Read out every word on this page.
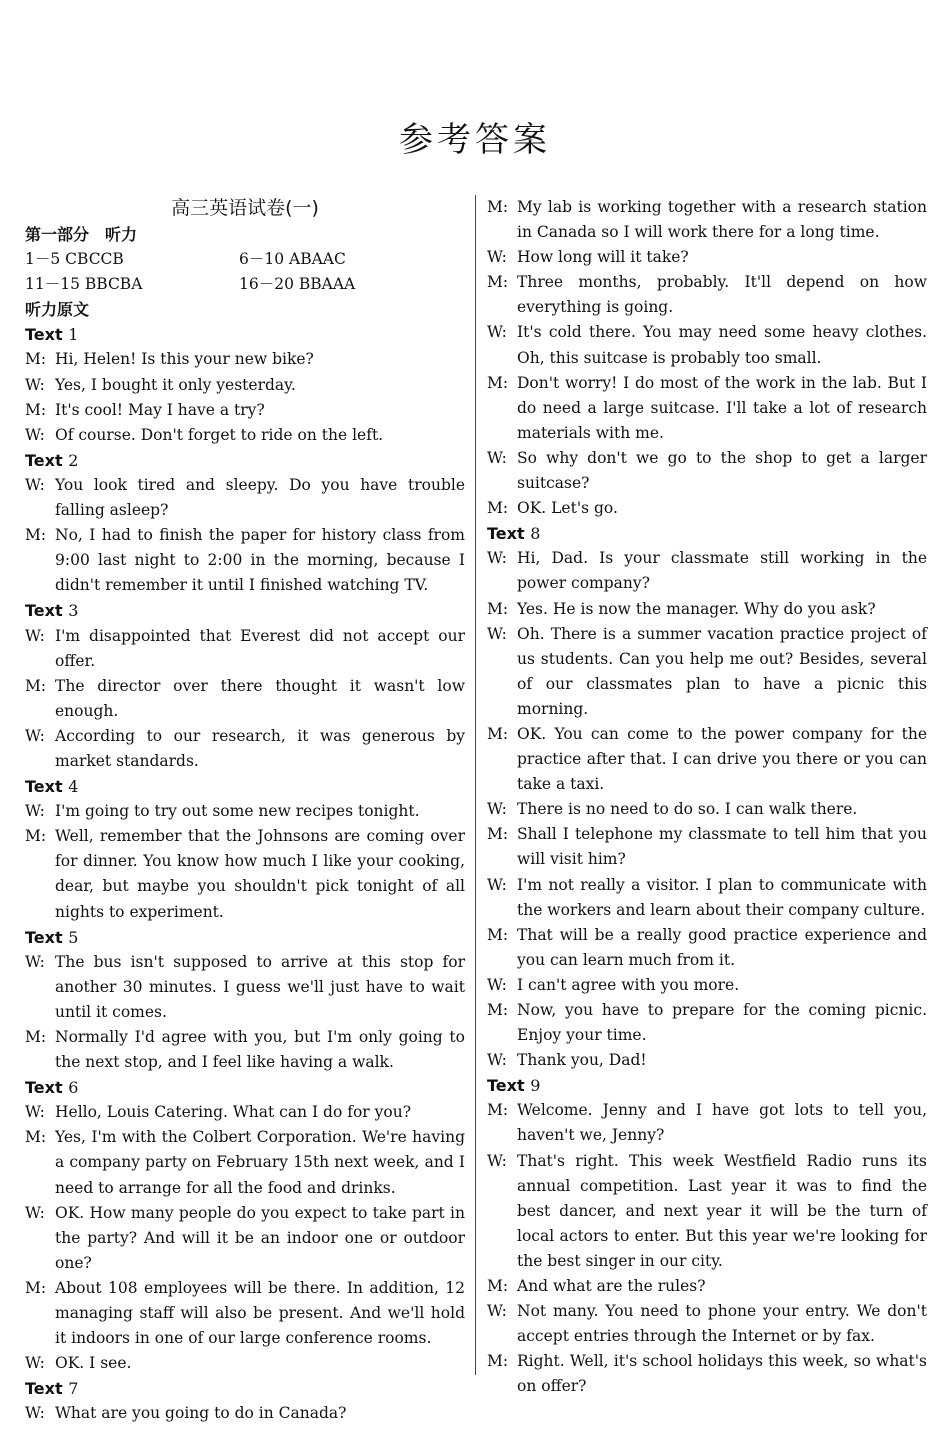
参考答案
高三英语试卷(一)
第一部分　听力
1－5 CBCCB	6－10 ABAAC
11－15 BBCBA	16－20 BBAAA
听力原文
Text 1
M: Hi, Helen! Is this your new bike?
W: Yes, I bought it only yesterday.
M: It's cool! May I have a try?
W: Of course. Don't forget to ride on the left.
Text 2
W: You look tired and sleepy. Do you have trouble falling asleep?
M: No, I had to finish the paper for history class from 9:00 last night to 2:00 in the morning, because I didn't remember it until I finished watching TV.
Text 3
W: I'm disappointed that Everest did not accept our offer.
M: The director over there thought it wasn't low enough.
W: According to our research, it was generous by market standards.
Text 4
W: I'm going to try out some new recipes tonight.
M: Well, remember that the Johnsons are coming over for dinner. You know how much I like your cooking, dear, but maybe you shouldn't pick tonight of all nights to experiment.
Text 5
W: The bus isn't supposed to arrive at this stop for another 30 minutes. I guess we'll just have to wait until it comes.
M: Normally I'd agree with you, but I'm only going to the next stop, and I feel like having a walk.
Text 6
W: Hello, Louis Catering. What can I do for you?
M: Yes, I'm with the Colbert Corporation. We're having a company party on February 15th next week, and I need to arrange for all the food and drinks.
W: OK. How many people do you expect to take part in the party? And will it be an indoor one or outdoor one?
M: About 108 employees will be there. In addition, 12 managing staff will also be present. And we'll hold it indoors in one of our large conference rooms.
W: OK. I see.
Text 7
W: What are you going to do in Canada?
M: My lab is working together with a research station in Canada so I will work there for a long time.
W: How long will it take?
M: Three months, probably. It'll depend on how everything is going.
W: It's cold there. You may need some heavy clothes. Oh, this suitcase is probably too small.
M: Don't worry! I do most of the work in the lab. But I do need a large suitcase. I'll take a lot of research materials with me.
W: So why don't we go to the shop to get a larger suitcase?
M: OK. Let's go.
Text 8
W: Hi, Dad. Is your classmate still working in the power company?
M: Yes. He is now the manager. Why do you ask?
W: Oh. There is a summer vacation practice project of us students. Can you help me out? Besides, several of our classmates plan to have a picnic this morning.
M: OK. You can come to the power company for the practice after that. I can drive you there or you can take a taxi.
W: There is no need to do so. I can walk there.
M: Shall I telephone my classmate to tell him that you will visit him?
W: I'm not really a visitor. I plan to communicate with the workers and learn about their company culture.
M: That will be a really good practice experience and you can learn much from it.
W: I can't agree with you more.
M: Now, you have to prepare for the coming picnic. Enjoy your time.
W: Thank you, Dad!
Text 9
M: Welcome. Jenny and I have got lots to tell you, haven't we, Jenny?
W: That's right. This week Westfield Radio runs its annual competition. Last year it was to find the best dancer, and next year it will be the turn of local actors to enter. But this year we're looking for the best singer in our city.
M: And what are the rules?
W: Not many. You need to phone your entry. We don't accept entries through the Internet or by fax.
M: Right. Well, it's school holidays this week, so what's on offer?
